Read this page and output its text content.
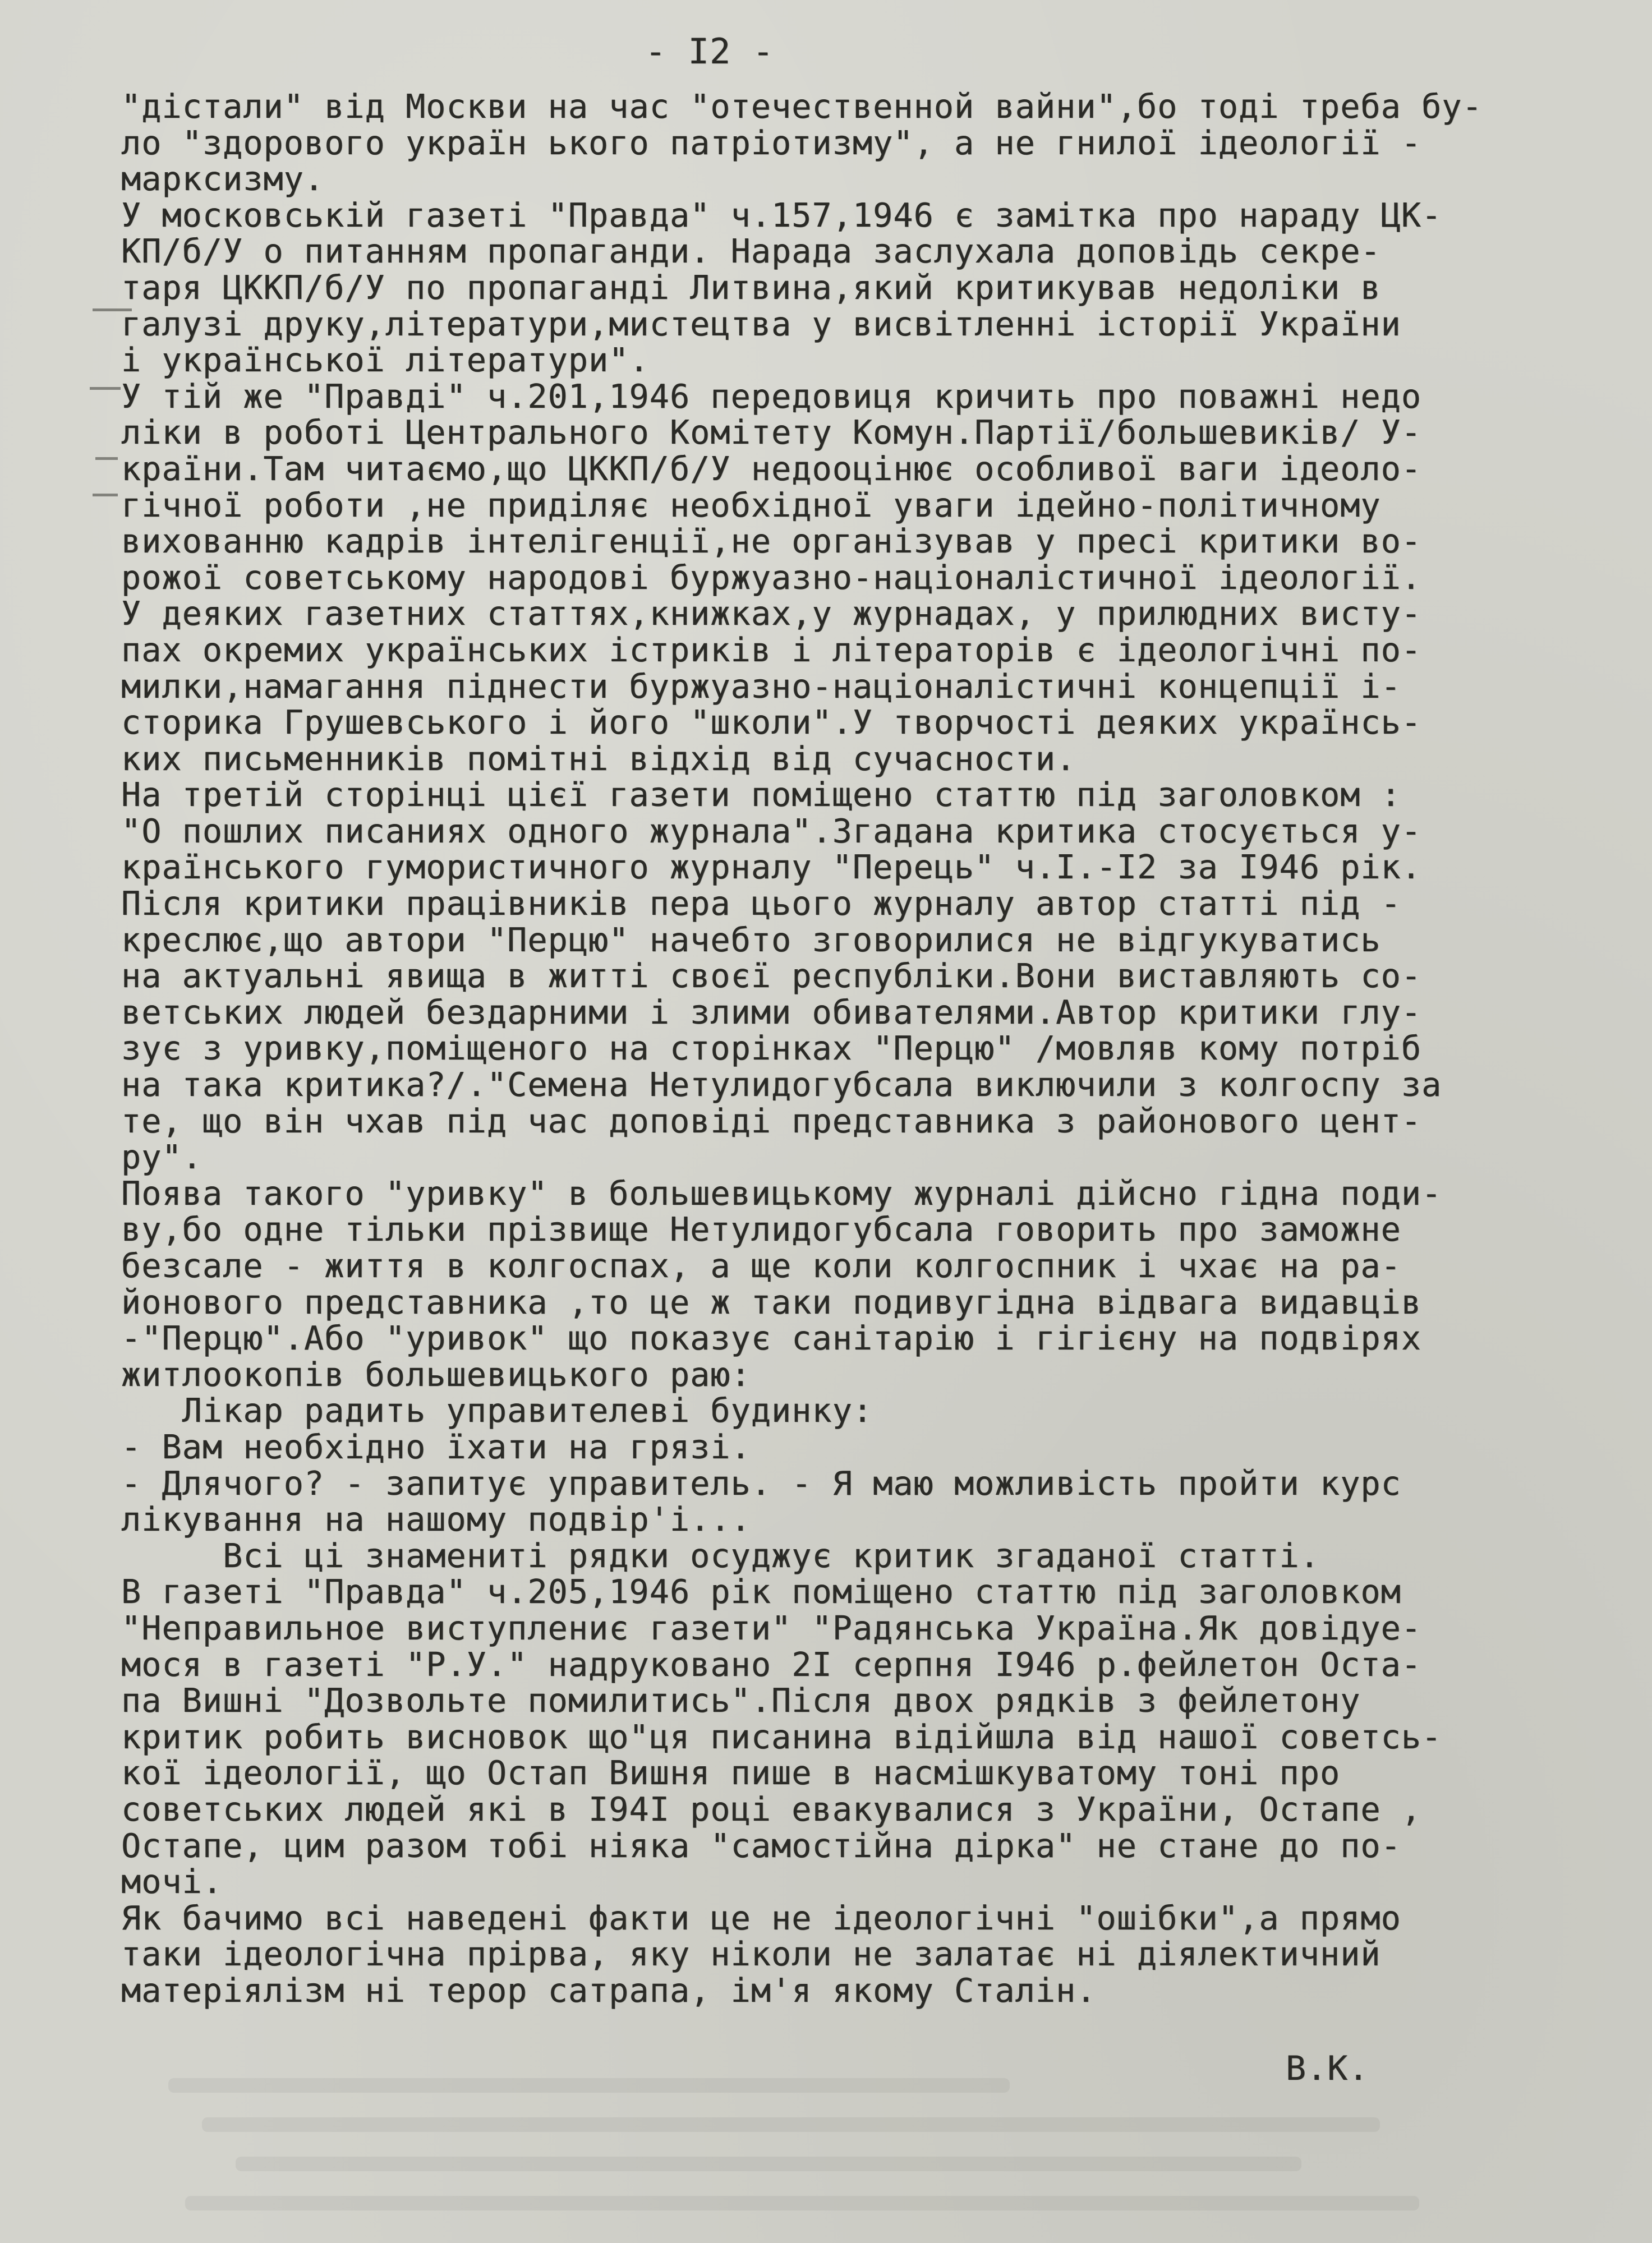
- I2 -
"дістали" від Москви на час "отечественной вайни",бо тоді треба бу-
ло "здорового україн ького патріотизму", а не гнилої ідеології -
марксизму.
У московській газеті "Правда" ч.157,1946 є замітка про нараду ЦК-
КП/б/У о питанням пропаганди. Нарада заслухала доповідь секре-
таря ЦККП/б/У по пропаганді Литвина,який критикував недоліки в
галузі друку,літератури,мистецтва у висвітленні історії України
і української літератури".
У тій же "Правді" ч.201,1946 передовиця кричить про поважні недо
ліки в роботі Центрального Комітету Комун.Партії/большевиків/ У-
країни.Там читаємо,що ЦККП/б/У недооцінює особливої ваги ідеоло-
гічної роботи ,не приділяє необхідної уваги ідейно-політичному
вихованню кадрів інтелігенції,не організував у пресі критики во-
рожої советському народові буржуазно-націоналістичної ідеології.
У деяких газетних статтях,книжках,у журнадах, у прилюдних висту-
пах окремих українських істриків і літераторів є ідеологічні по-
милки,намагання піднести буржуазно-націоналістичні концепції і-
сторика Грушевського і його "школи".У творчості деяких українсь-
ких письменників помітні відхід від сучасности.
На третій сторінці цієї газети поміщено статтю під заголовком :
"О пошлих писаниях одного журнала".Згадана критика стосується у-
країнського гумористичного журналу "Перець" ч.I.-I2 за I946 рік.
Після критики працівників пера цього журналу автор статті під -
креслює,що автори "Перцю" начебто зговорилися не відгукуватись
на актуальні явища в житті своєї республіки.Вони виставляють со-
ветських людей бездарними і злими обивателями.Автор критики глу-
зує з уривку,поміщеного на сторінках "Перцю" /мовляв кому потріб
на така критика?/."Семена Нетулидогубсала виключили з колгоспу за
те, що він чхав під час доповіді представника з районового цент-
ру".
Поява такого "уривку" в большевицькому журналі дійсно гідна поди-
ву,бо одне тільки прізвище Нетулидогубсала говорить про заможне
безсале - життя в колгоспах, а ще коли колгоспник і чхає на ра-
йонового представника ,то це ж таки подивугідна відвага видавців
-"Перцю".Або "уривок" що показує санітарію і гігієну на подвірях
житлоокопів большевицького раю:
Лікар радить управителеві будинку:
- Вам необхідно їхати на грязі.
- Длячого? - запитує управитель. - Я маю можливість пройти курс
лікування на нашому подвір'і...
Всі ці знамениті рядки осуджує критик згаданої статті.
В газеті "Правда" ч.205,1946 рік поміщено статтю під заголовком
"Неправильное виступлениє газети" "Радянська Україна.Як довідуе-
мося в газеті "Р.У." надруковано 2I серпня I946 р.фейлетон Оста-
па Вишні "Дозвольте помилитись".Після двох рядків з фейлетону
критик робить висновок що"ця писанина відійшла від нашої советсь-
кої ідеології, що Остап Вишня пише в насмішкуватому тоні про
советських людей які в I94I році евакувалися з України, Остапе ,
Остапе, цим разом тобі ніяка "самостійна дірка" не стане до по-
мочі.
Як бачимо всі наведені факти це не ідеологічні "ошібки",а прямо
таки ідеологічна прірва, яку ніколи не залатає ні діялектичний
матеріялізм ні терор сатрапа, ім'я якому Сталін.
В.К.
